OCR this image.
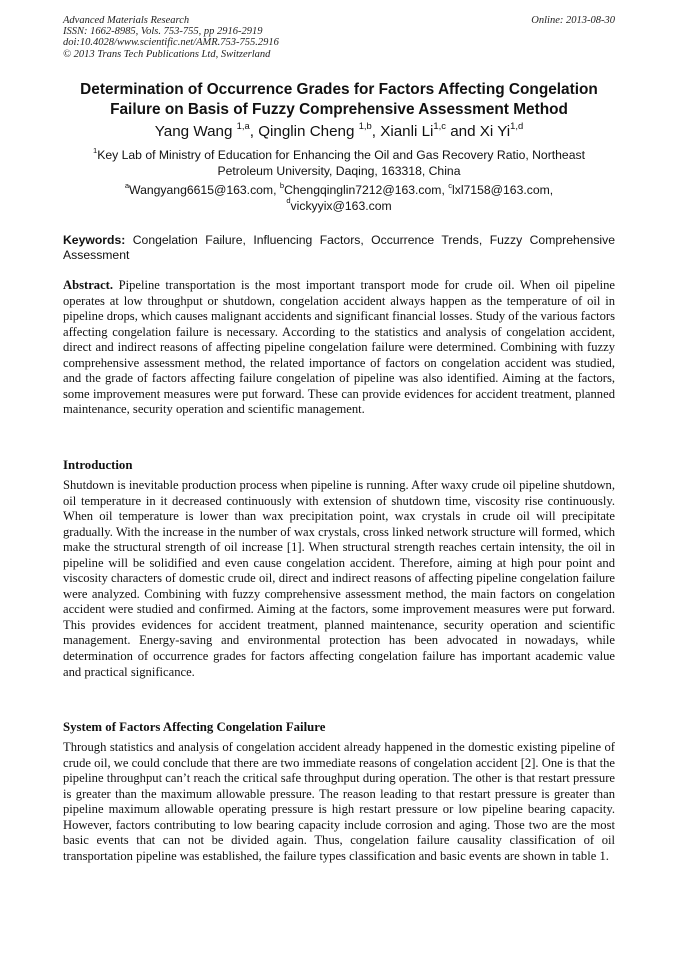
Advanced Materials Research	Online: 2013-08-30
ISSN: 1662-8985, Vols. 753-755, pp 2916-2919
doi:10.4028/www.scientific.net/AMR.753-755.2916
© 2013 Trans Tech Publications Ltd, Switzerland
Determination of Occurrence Grades for Factors Affecting Congelation Failure on Basis of Fuzzy Comprehensive Assessment Method
Yang Wang $^{1,a}$, Qinglin Cheng $^{1,b}$, Xianli Li$^{1,c}$ and Xi Yi$^{1,d}$
$^1$Key Lab of Ministry of Education for Enhancing the Oil and Gas Recovery Ratio, Northeast Petroleum University, Daqing, 163318, China
$^a$Wangyang6615@163.com, $^b$Chengqinglin7212@163.com, $^c$lxl7158@163.com,
$^d$vickyyix@163.com
Keywords: Congelation Failure, Influencing Factors, Occurrence Trends, Fuzzy Comprehensive Assessment
Abstract. Pipeline transportation is the most important transport mode for crude oil. When oil pipeline operates at low throughput or shutdown, congelation accident always happen as the temperature of oil in pipeline drops, which causes malignant accidents and significant financial losses. Study of the various factors affecting congelation failure is necessary. According to the statistics and analysis of congelation accident, direct and indirect reasons of affecting pipeline congelation failure were determined. Combining with fuzzy comprehensive assessment method, the related importance of factors on congelation accident was studied, and the grade of factors affecting failure congelation of pipeline was also identified. Aiming at the factors, some improvement measures were put forward. These can provide evidences for accident treatment, planned maintenance, security operation and scientific management.
Introduction
Shutdown is inevitable production process when pipeline is running. After waxy crude oil pipeline shutdown, oil temperature in it decreased continuously with extension of shutdown time, viscosity rise continuously. When oil temperature is lower than wax precipitation point, wax crystals in crude oil will precipitate gradually. With the increase in the number of wax crystals, cross linked network structure will formed, which make the structural strength of oil increase [1]. When structural strength reaches certain intensity, the oil in pipeline will be solidified and even cause congelation accident. Therefore, aiming at high pour point and viscosity characters of domestic crude oil, direct and indirect reasons of affecting pipeline congelation failure were analyzed. Combining with fuzzy comprehensive assessment method, the main factors on congelation accident were studied and confirmed. Aiming at the factors, some improvement measures were put forward. This provides evidences for accident treatment, planned maintenance, security operation and scientific management. Energy-saving and environmental protection has been advocated in nowadays, while determination of occurrence grades for factors affecting congelation failure has important academic value and practical significance.
System of Factors Affecting Congelation Failure
Through statistics and analysis of congelation accident already happened in the domestic existing pipeline of crude oil, we could conclude that there are two immediate reasons of congelation accident [2]. One is that the pipeline throughput can’t reach the critical safe throughput during operation. The other is that restart pressure is greater than the maximum allowable pressure. The reason leading to that restart pressure is greater than pipeline maximum allowable operating pressure is high restart pressure or low pipeline bearing capacity. However, factors contributing to low bearing capacity include corrosion and aging. Those two are the most basic events that can not be divided again. Thus, congelation failure causality classification of oil transportation pipeline was established, the failure types classification and basic events are shown in table 1.
